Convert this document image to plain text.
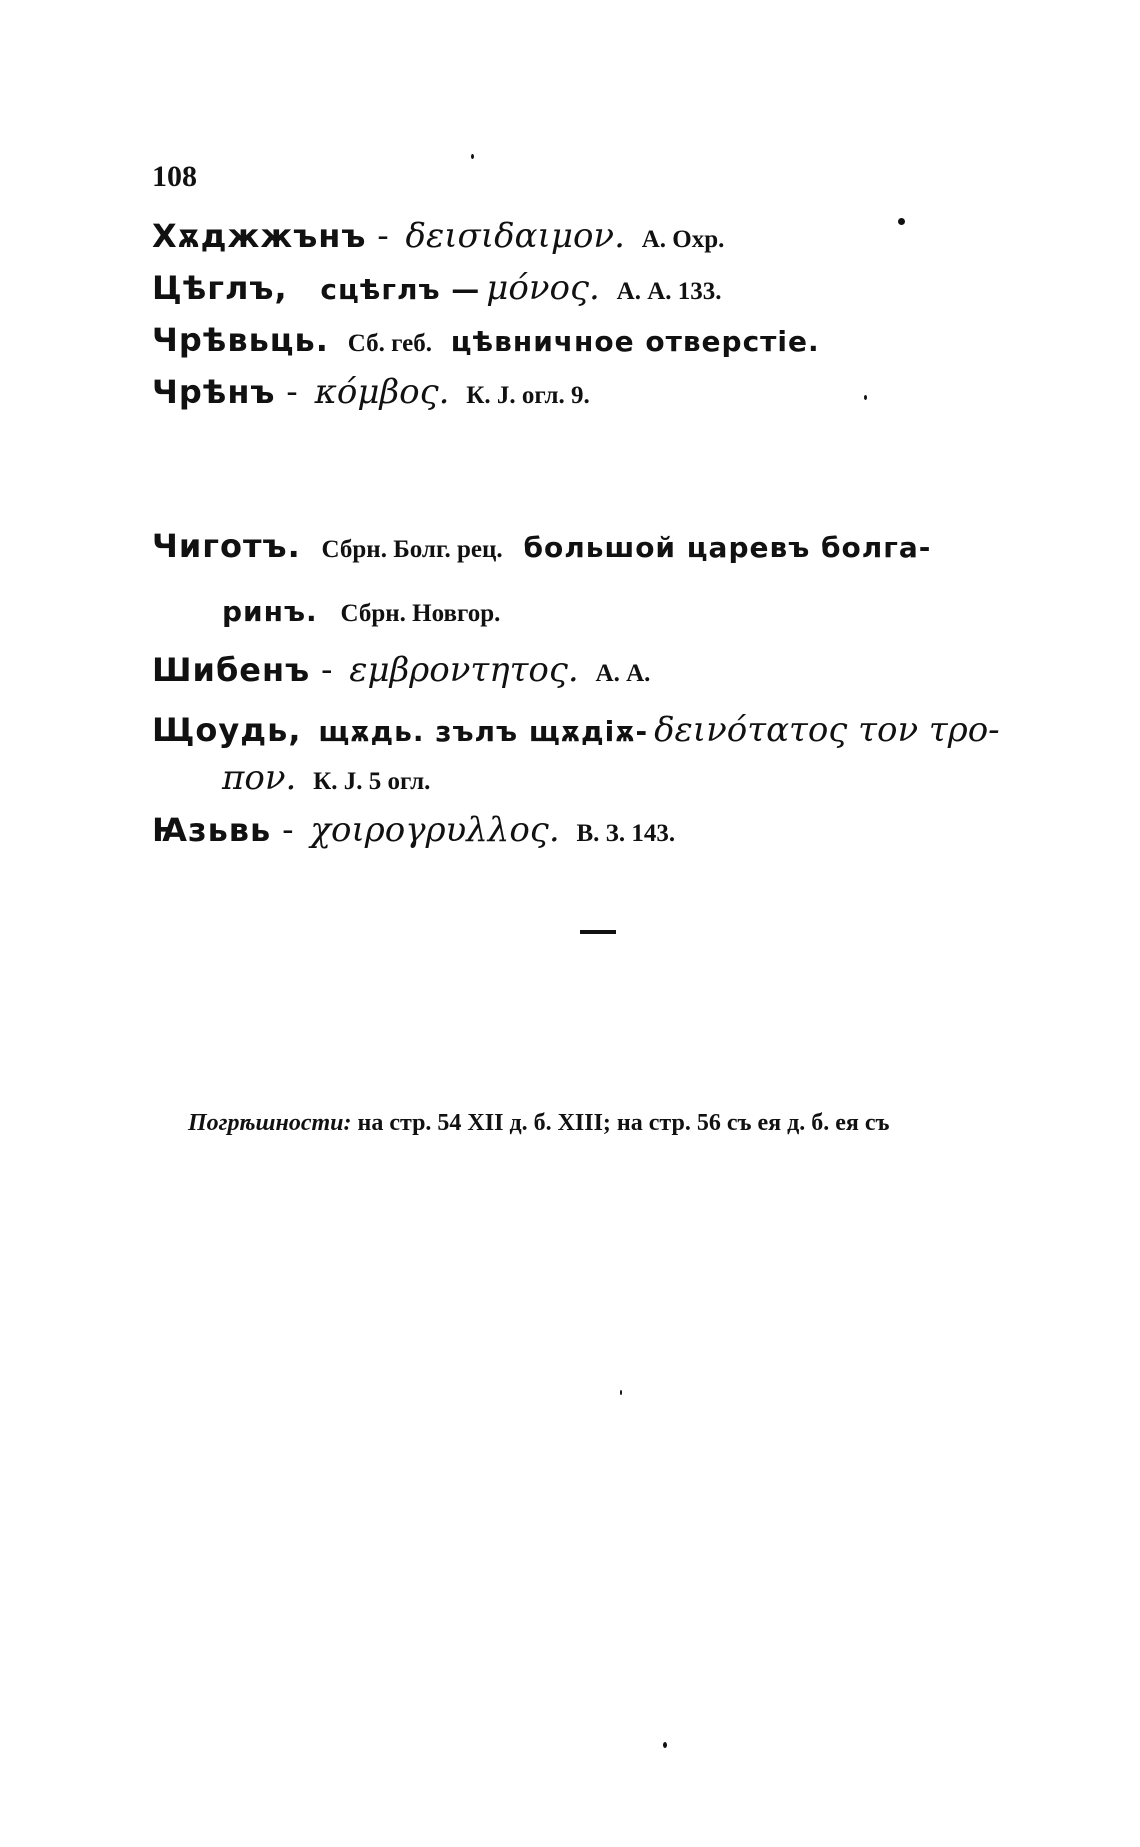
108
Хѫджжънъ - δεισιδαιμον. А. Охр.
Цѣглъ, сцѣглъ — μόνος. А. А. 133.
Чрѣвьць. Сб. геб. цѣвничное отверстіе.
Чрѣнъ - κόμβος. К. Ј. огл. 9.
Чиготъ. Сбрн. Болг. рец. большой царевъ болга-
ринъ. Сбрн. Новгор.
Шибенъ - εμβροντητος. А. А.
Щоудь, щѫдь. зълъ щѫдіѫ- δεινότατος τον τρο-
πον. К. Ј. 5 огл.
Ꙗзьвь - χοιρογρυλλος. В. З. 143.
Погрѣшности: на стр. 54 XII д. б. XIII; на стр. 56 съ ея д. б. ея съ
